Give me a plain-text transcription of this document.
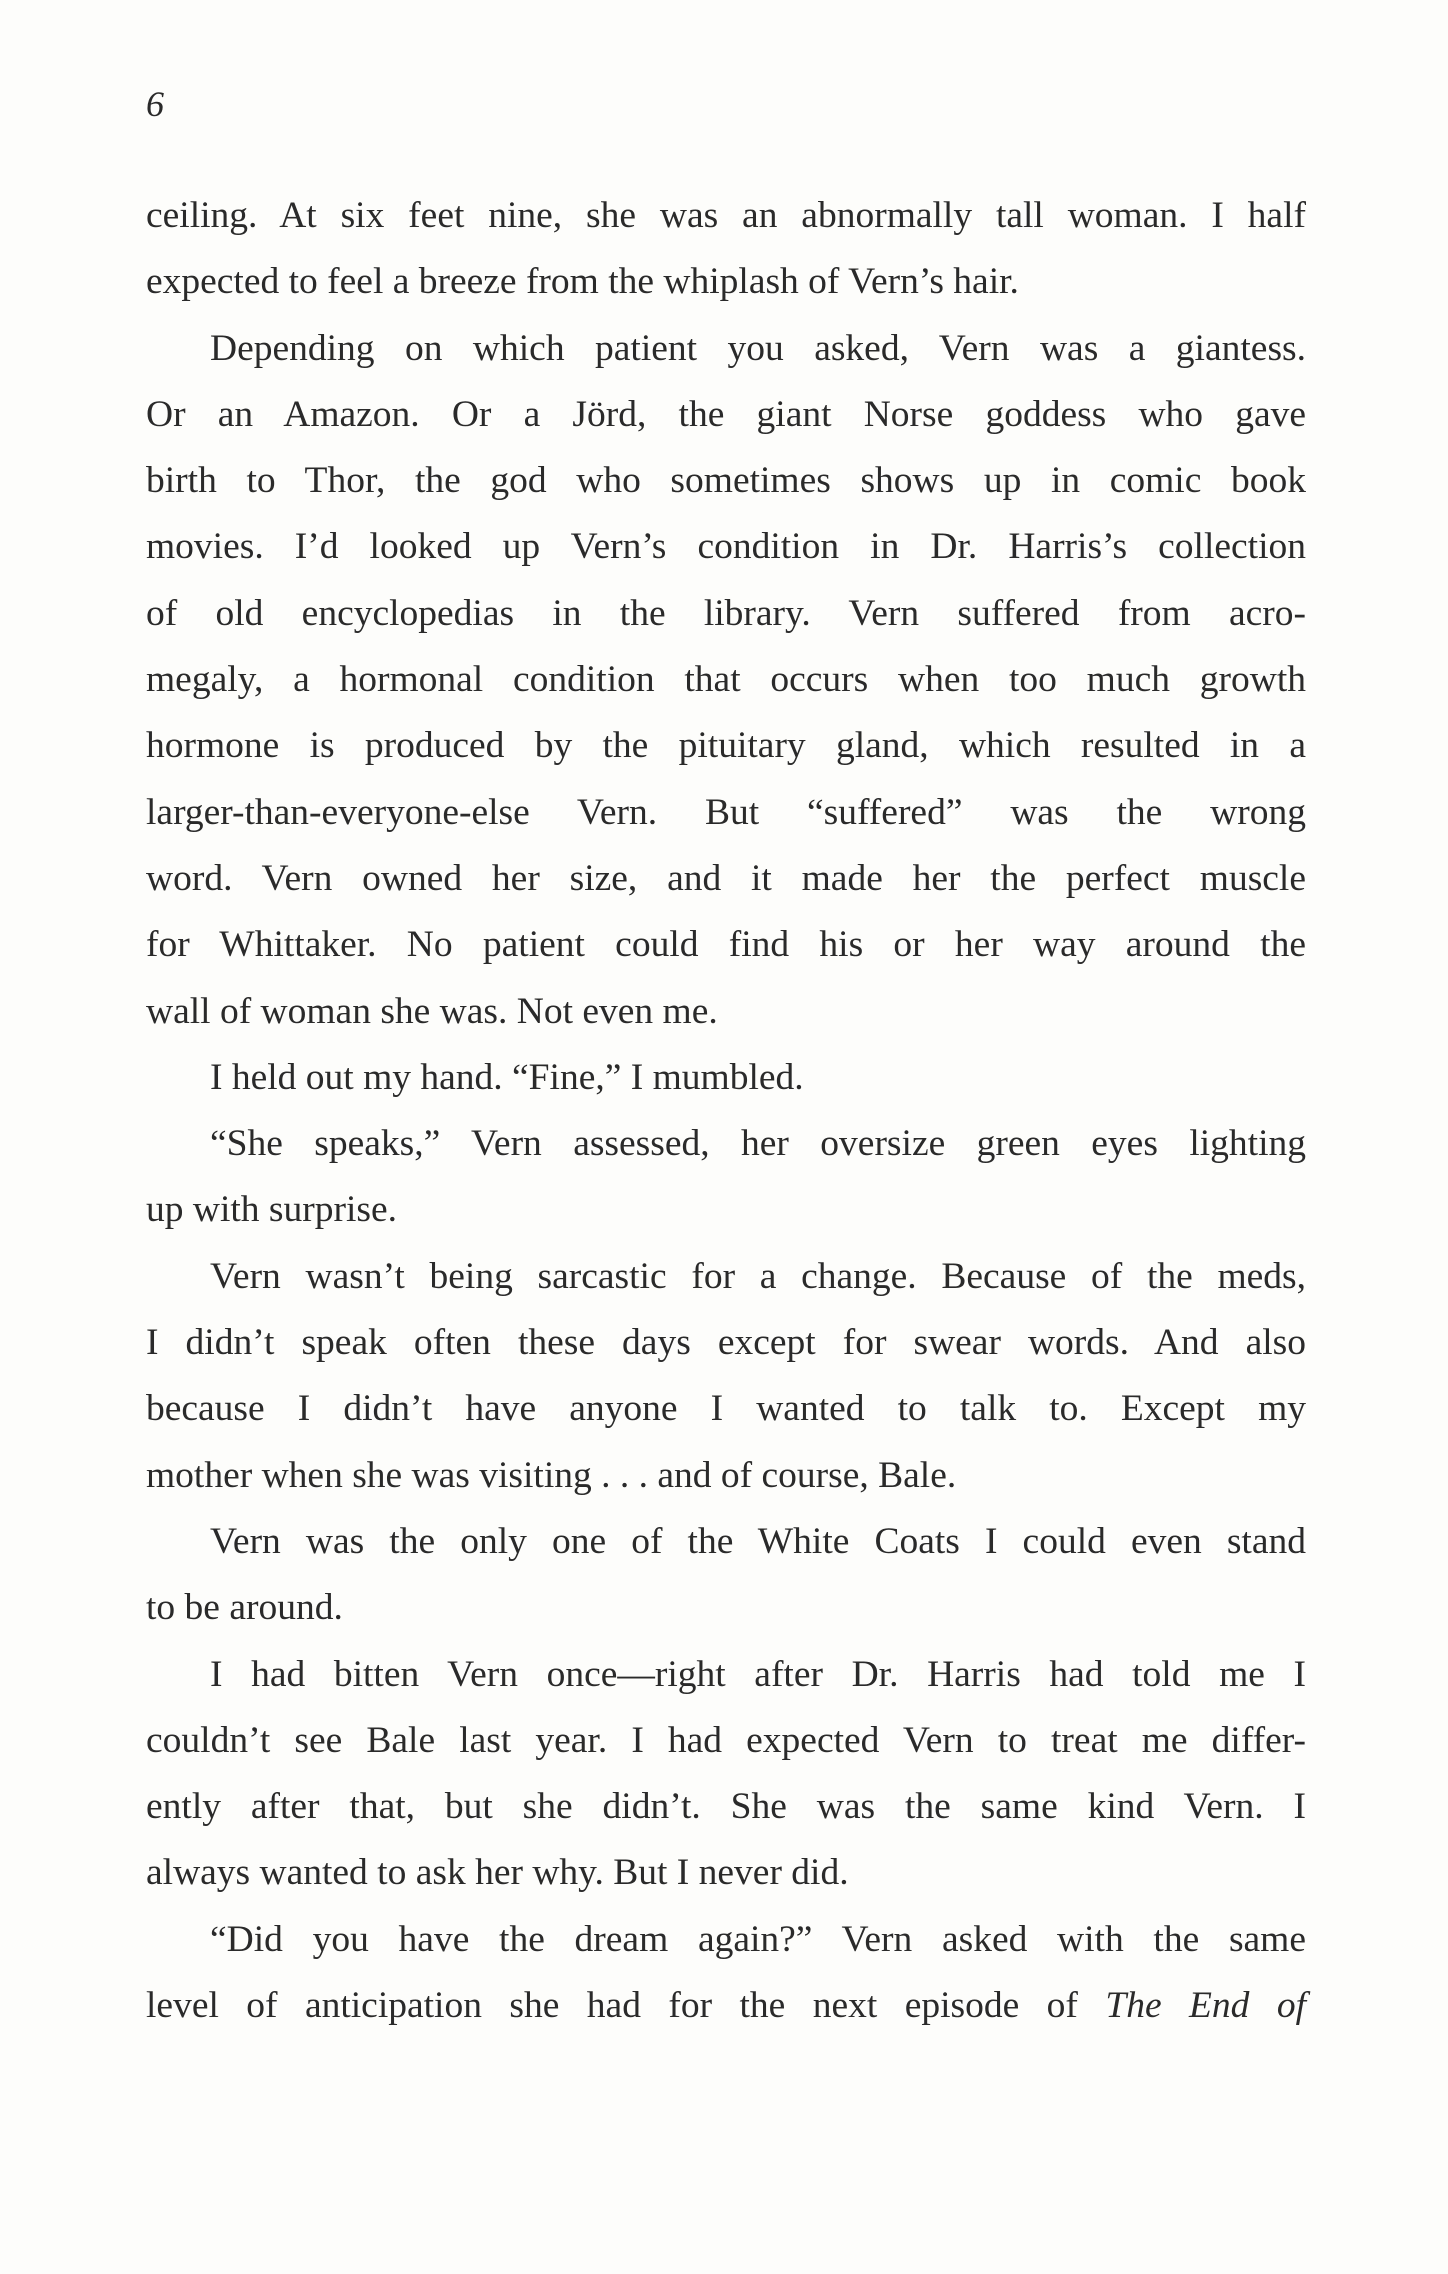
6
ceiling. At six feet nine, she was an abnormally tall woman. I half
expected to feel a breeze from the whiplash of Vern’s hair.
Depending on which patient you asked, Vern was a giantess.
Or an Amazon. Or a Jörd, the giant Norse goddess who gave
birth to Thor, the god who sometimes shows up in comic book
movies. I’d looked up Vern’s condition in Dr. Harris’s collection
of old encyclopedias in the library. Vern suffered from acro-
megaly, a hormonal condition that occurs when too much growth
hormone is produced by the pituitary gland, which resulted in a
larger-than-everyone-else Vern. But “suffered” was the wrong
word. Vern owned her size, and it made her the perfect muscle
for Whittaker. No patient could find his or her way around the
wall of woman she was. Not even me.
I held out my hand. “Fine,” I mumbled.
“She speaks,” Vern assessed, her oversize green eyes lighting
up with surprise.
Vern wasn’t being sarcastic for a change. Because of the meds,
I didn’t speak often these days except for swear words. And also
because I didn’t have anyone I wanted to talk to. Except my
mother when she was visiting . . . and of course, Bale.
Vern was the only one of the White Coats I could even stand
to be around.
I had bitten Vern once—right after Dr. Harris had told me I
couldn’t see Bale last year. I had expected Vern to treat me differ-
ently after that, but she didn’t. She was the same kind Vern. I
always wanted to ask her why. But I never did.
“Did you have the dream again?” Vern asked with the same
level of anticipation she had for the next episode of The End of
